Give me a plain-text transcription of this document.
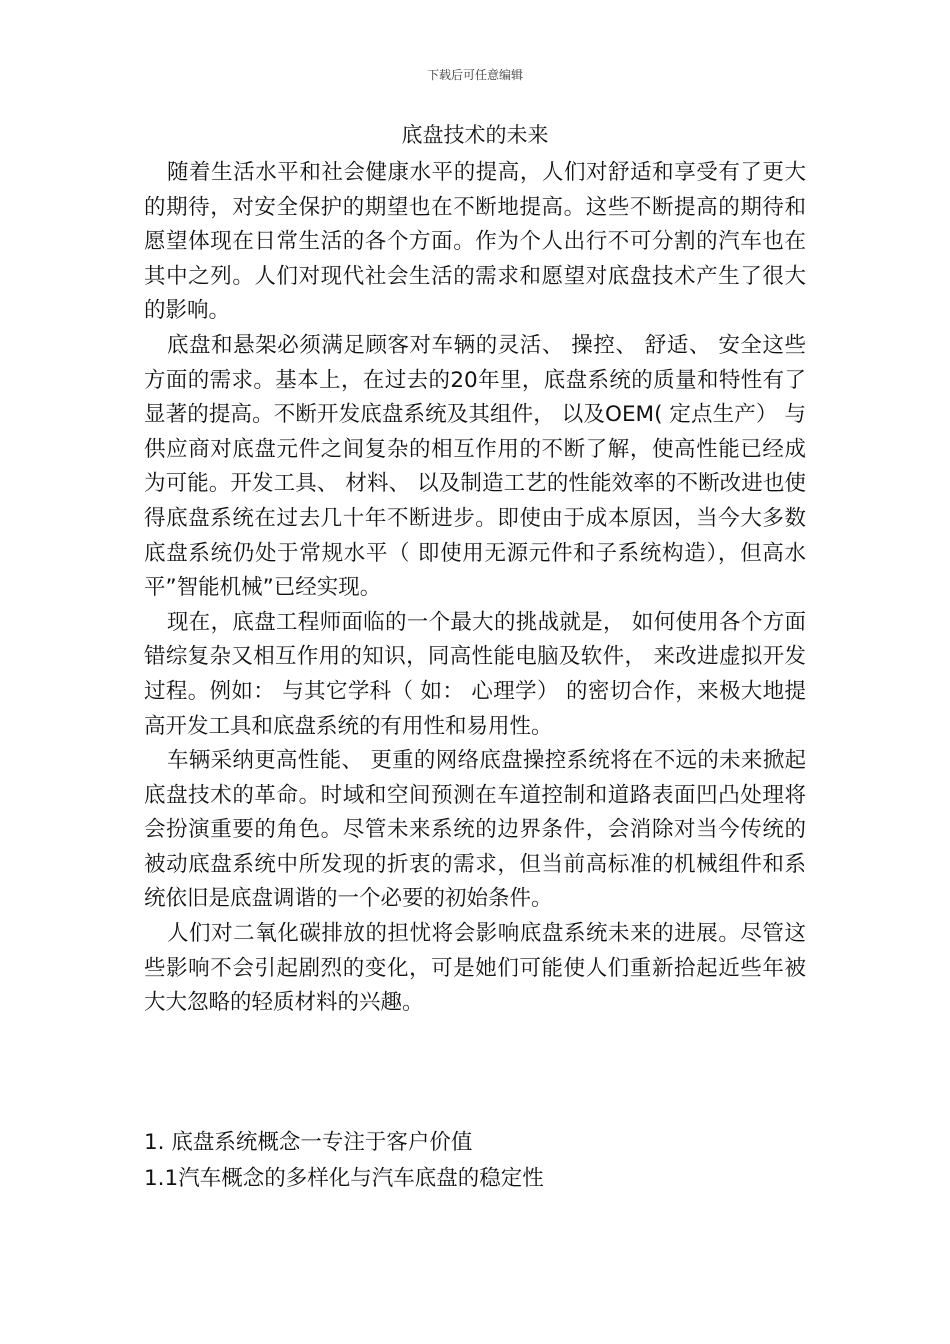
下载后可任意编辑
底盘技术的未来

随着生活水平和社会健康水平的提高，人们对舒适和享受有了更大的期待，对安全保护的期望也在不断地提高。这些不断提高的期待和愿望体现在日常生活的各个方面。作为个人出行不可分割的汽车也在其中之列。人们对现代社会生活的需求和愿望对底盘技术产生了很大的影响。

底盘和悬架必须满足顾客对车辆的灵活、 操控、 舒适、 安全这些方面的需求。基本上，在过去的20年里，底盘系统的质量和特性有了显著的提高。不断开发底盘系统及其组件， 以及OEM( 定点生产） 与供应商对底盘元件之间复杂的相互作用的不断了解，使高性能已经成为可能。开发工具、 材料、 以及制造工艺的性能效率的不断改进也使得底盘系统在过去几十年不断进步。即使由于成本原因，当今大多数底盘系统仍处于常规水平（ 即使用无源元件和子系统构造），但高水平”智能机械”已经实现。

现在，底盘工程师面临的一个最大的挑战就是， 如何使用各个方面错综复杂又相互作用的知识，同高性能电脑及软件， 来改进虚拟开发过程。例如： 与其它学科（ 如： 心理学） 的密切合作，来极大地提高开发工具和底盘系统的有用性和易用性。

车辆采纳更高性能、 更重的网络底盘操控系统将在不远的未来掀起底盘技术的革命。时域和空间预测在车道控制和道路表面凹凸处理将会扮演重要的角色。尽管未来系统的边界条件，会消除对当今传统的被动底盘系统中所发现的折衷的需求，但当前高标准的机械组件和系统依旧是底盘调谐的一个必要的初始条件。

人们对二氧化碳排放的担忧将会影响底盘系统未来的进展。尽管这些影响不会引起剧烈的变化，可是她们可能使人们重新拾起近些年被大大忽略的轻质材料的兴趣。

1. 底盘系统概念一专注于客户价值
1.1汽车概念的多样化与汽车底盘的稳定性
